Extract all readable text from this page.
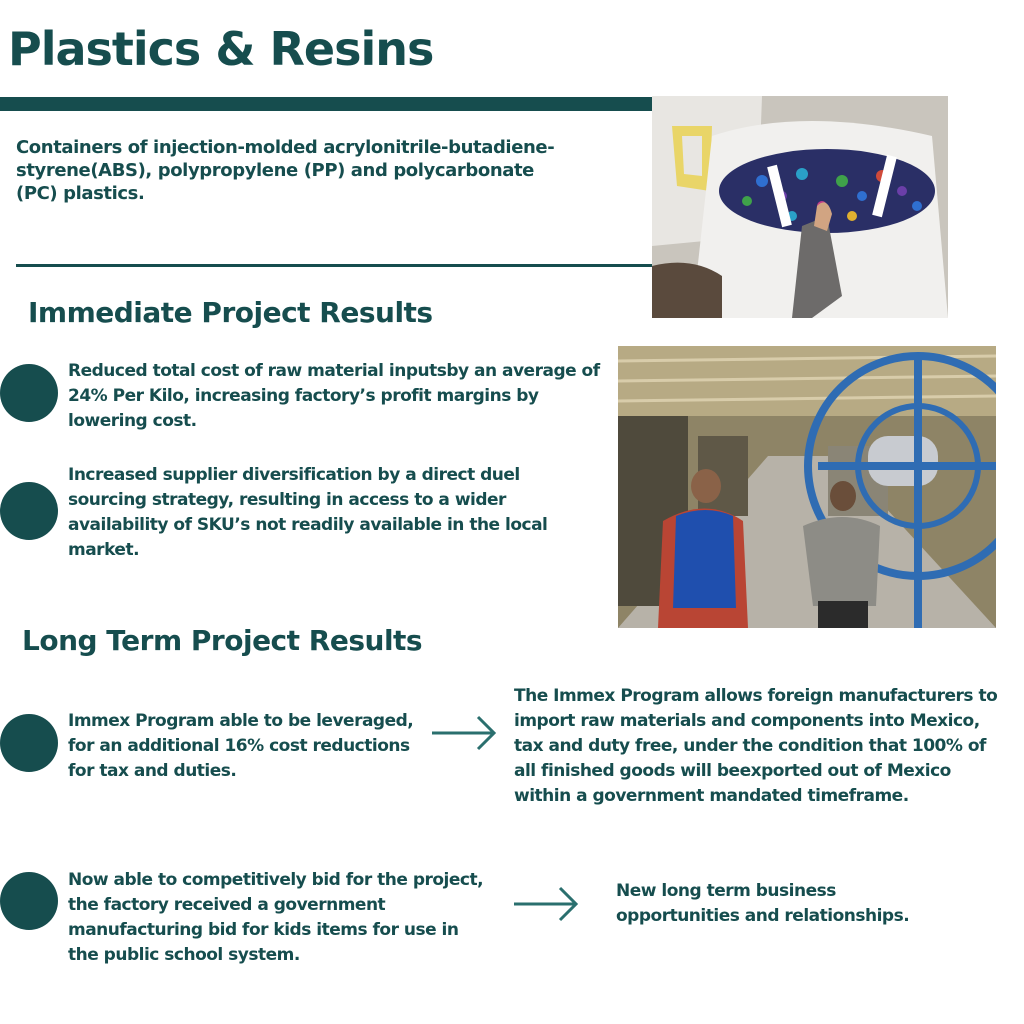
Plastics & Resins
Containers of injection-molded acrylonitrile-butadiene-styrene(ABS), polypropylene (PP) and polycarbonate (PC) plastics.
Immediate Project Results
Reduced total cost of raw material inputsby an average of 24% Per Kilo, increasing factory’s profit margins by lowering cost.
Increased supplier diversification by a direct duel sourcing strategy, resulting in access to a wider availability of SKU’s not readily available in the local market.
Long Term Project Results
Immex Program able to be leveraged, for an additional 16% cost reductions for tax and duties.
The Immex Program allows foreign manufacturers to import raw materials and components into Mexico, tax and duty free, under the condition that 100% of all finished goods will beexported out of Mexico within a government mandated timeframe.
Now able to competitively bid for the project, the factory received a government manufacturing bid for kids items for use in the public school system.
New long term business opportunities and relationships.
